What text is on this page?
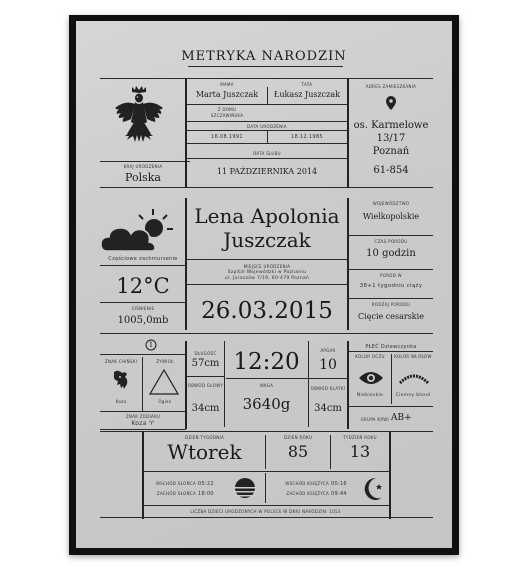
METRYKA NARODZIN
KRAJ URODZENIA
Polska
MAMA	TATA
Marta Juszczak	Łukasz Juszczak
Z DOMU
SZCZAWIŃSKA
DATA URODZENIA
16.08.1991	18.12.1985
DATA ŚLUBU
11 PAŹDZIERNIKA 2014
ADRES ZAMIESZKANIA
os. Karmelowe
13/17
Poznań
61-854
Częściowe zachmurzenie
12°C
CIŚNIENIE
1005,0mb
Lena Apolonia
Juszczak
MIEJSCE URODZENIA
Szpital Wojewódzki w Poznaniu
ul. Juraszów 7/19, 60-479 Poznań
26.03.2015
WOJEWÓDZTWO
Wielkopolskie
CZAS PORODU
10 godzin
POROD W
38+1 tygodniu ciąży
RODZAJ PORODU
Cięcie cesarskie
1
ZNAK CHIŃSKI
Koza
ŻYWIOŁ
Ogień
ZNAK ZODIAKU
Koza ♈
DŁUGOŚĆ
57cm
OBWÓD GŁOWY
34cm
12:20
WAGA
3640g
APGAR
10
OBWÓD KLATKI
34cm
PŁEĆ Dziewczynka
KOLOR OCZU
Niebieskie
KOLOR WŁOSÓW
Ciemny blond
GRUPA KRWI AB+
DZIEŃ TYGODNIA
Wtorek
DZIEŃ ROKU
85
TYDZIEŃ ROKU
13
WSCHÓD SŁOŃCA 05:22
ZACHÓD SŁOŃCA 18:00
WSCHÓD KSIĘŻYCA 00:16
ZACHÓD KSIĘŻYCA 09:44
LICZBA DZIECI URODZONYCH W POLSCE W DNIU NARODZIN: 1053
